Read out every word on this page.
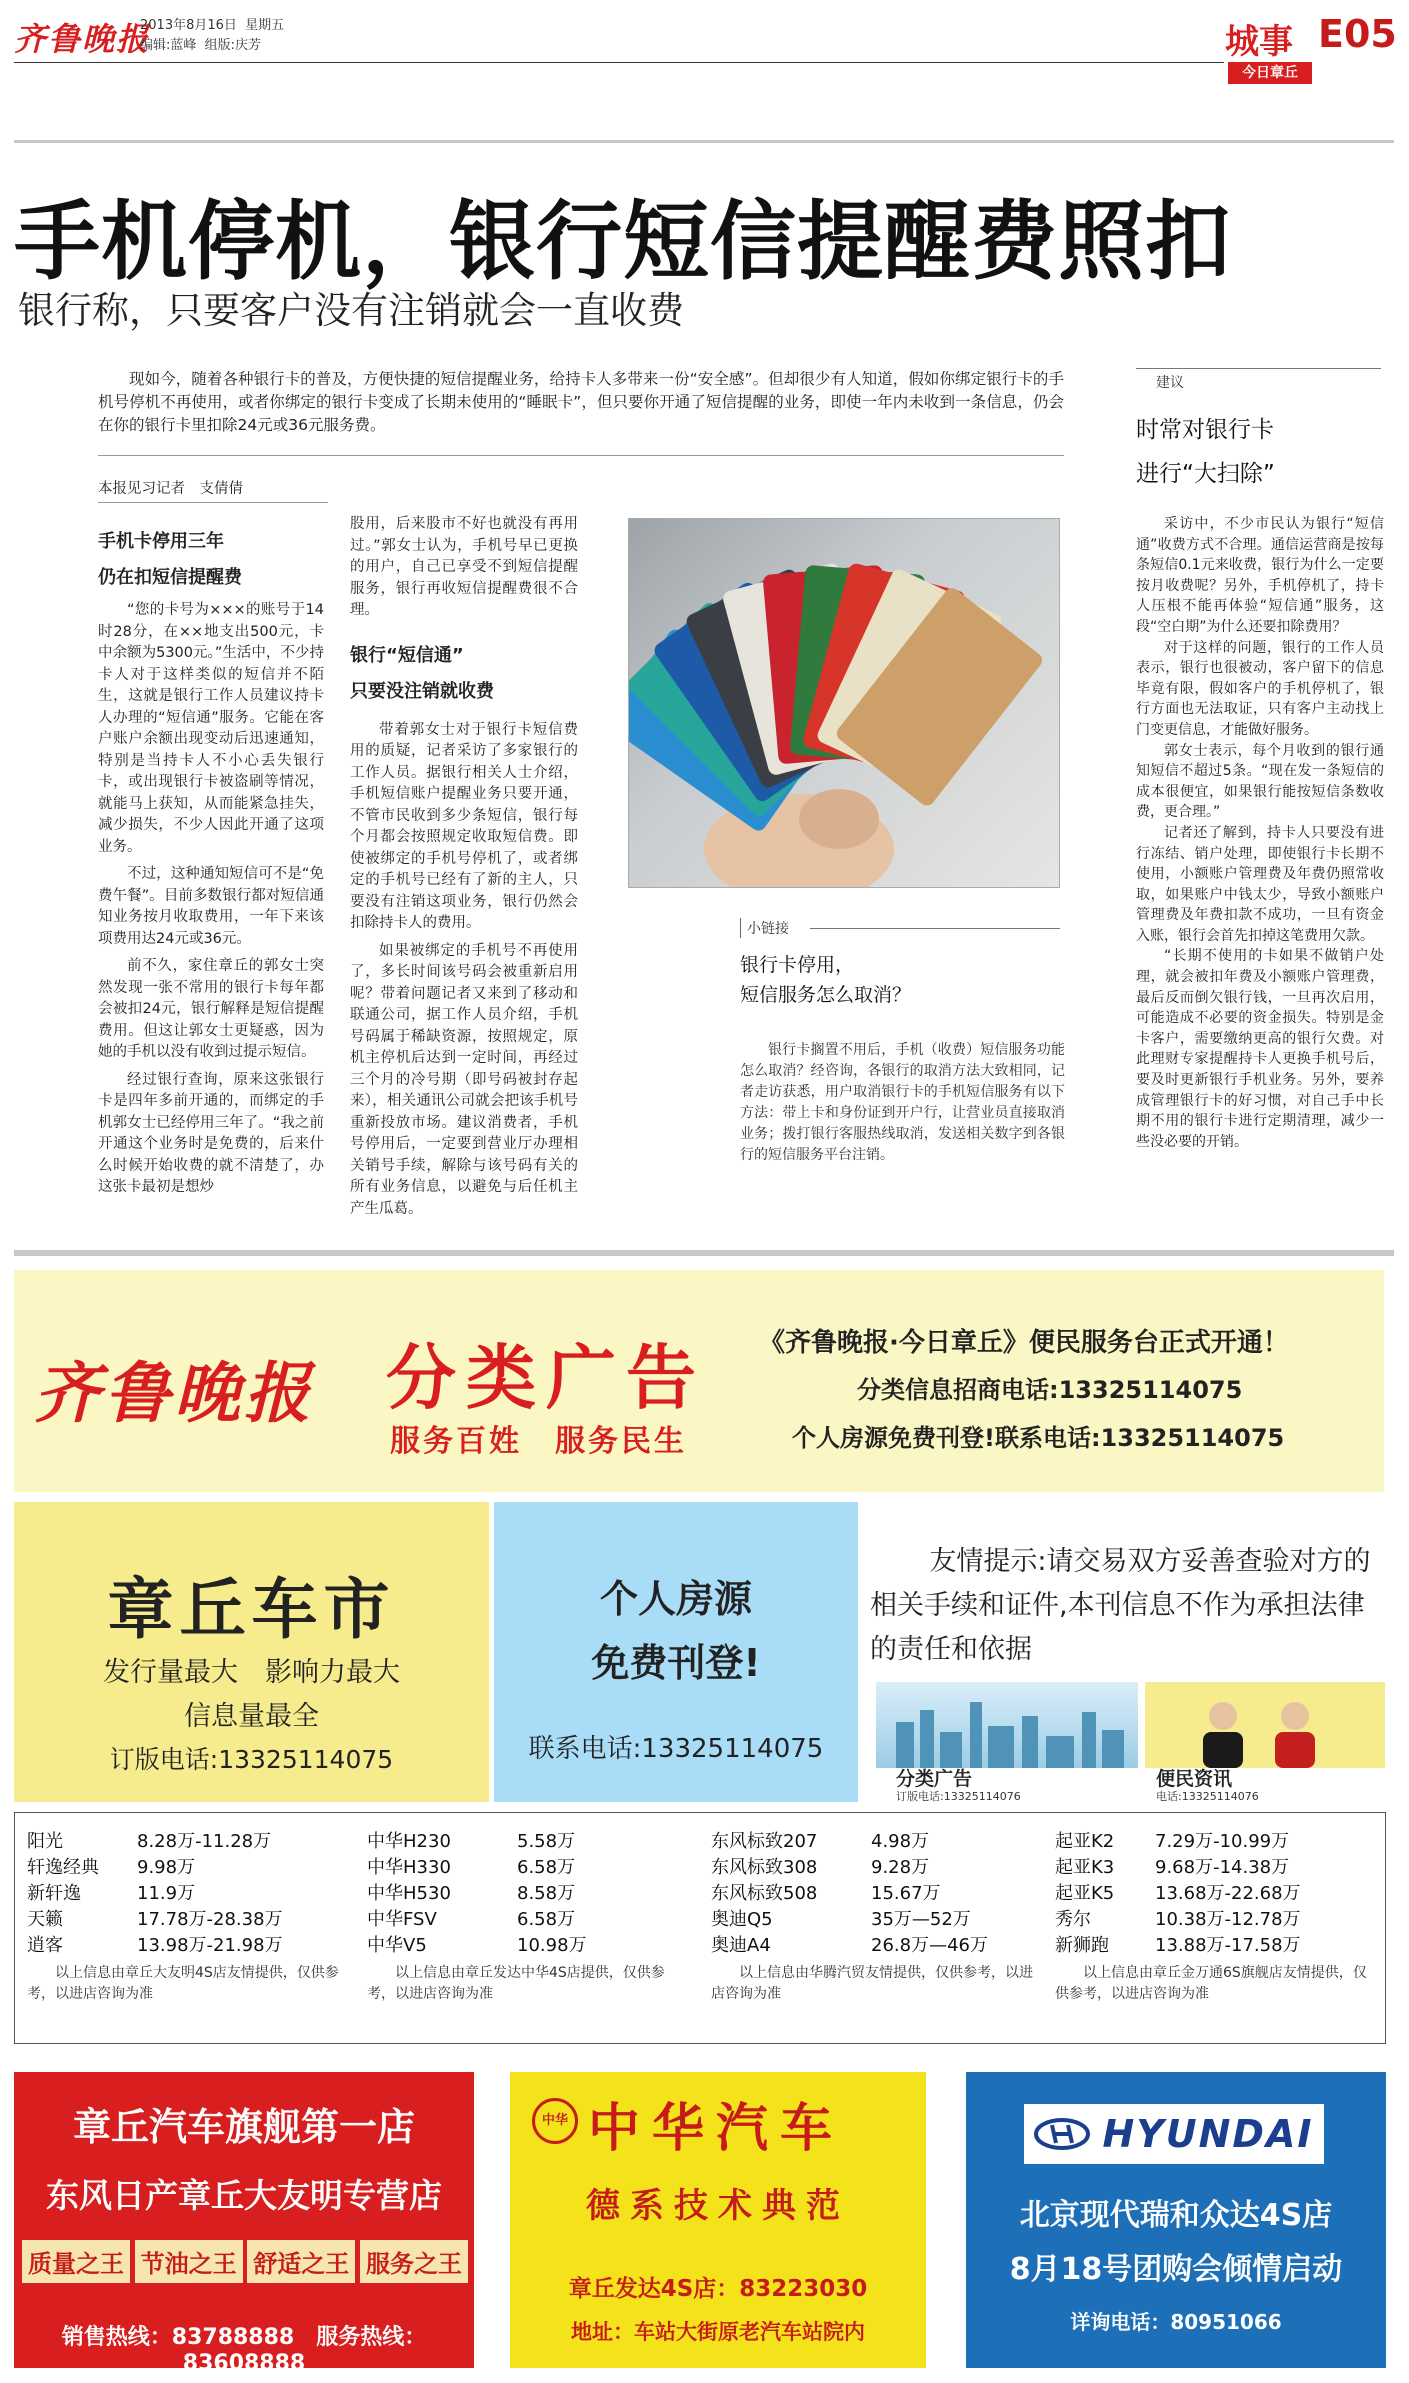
齐鲁晚报
2013年8月16日 星期五
编辑:蓝峰 组版:庆芳	城事 E05
今日章丘
手机停机，银行短信提醒费照扣
银行称，只要客户没有注销就会一直收费

现如今，随着各种银行卡的普及，方便快捷的短信提醒业务，给持卡人多带来一份“安全感”。但却很少有人知道，假如你绑定银行卡的手机号停机不再使用，或者你绑定的银行卡变成了长期未使用的“睡眠卡”，但只要你开通了短信提醒的业务，即使一年内未收到一条信息，仍会在你的银行卡里扣除24元或36元服务费。

本报见习记者　支倩倩
手机卡停用三年
仍在扣短信提醒费

“您的卡号为×××的账号于14时28分，在××地支出500元，卡中余额为5300元。”生活中，不少持卡人对于这样类似的短信并不陌生，这就是银行工作人员建议持卡人办理的“短信通”服务。它能在客户账户余额出现变动后迅速通知，特别是当持卡人不小心丢失银行卡，或出现银行卡被盗刷等情况，就能马上获知，从而能紧急挂失，减少损失，不少人因此开通了这项业务。

不过，这种通知短信可不是“免费午餐”。目前多数银行都对短信通知业务按月收取费用，一年下来该项费用达24元或36元。

前不久，家住章丘的郭女士突然发现一张不常用的银行卡每年都会被扣24元，银行解释是短信提醒费用。但这让郭女士更疑惑，因为她的手机以没有收到过提示短信。

经过银行查询，原来这张银行卡是四年多前开通的，而绑定的手机郭女士已经停用三年了。“我之前开通这个业务时是免费的，后来什么时候开始收费的就不清楚了，办这张卡最初是想炒

股用，后来股市不好也就没有再用过。”郭女士认为，手机号早已更换的用户，自己已享受不到短信提醒服务，银行再收短信提醒费很不合理。

银行“短信通”
只要没注销就收费

带着郭女士对于银行卡短信费用的质疑，记者采访了多家银行的工作人员。据银行相关人士介绍，手机短信账户提醒业务只要开通，不管市民收到多少条短信，银行每个月都会按照规定收取短信费。即使被绑定的手机号停机了，或者绑定的手机号已经有了新的主人，只要没有注销这项业务，银行仍然会扣除持卡人的费用。

如果被绑定的手机号不再使用了，多长时间该号码会被重新启用呢？带着问题记者又来到了移动和联通公司，据工作人员介绍，手机号码属于稀缺资源，按照规定，原机主停机后达到一定时间，再经过三个月的冷号期（即号码被封存起来），相关通讯公司就会把该手机号重新投放市场。建议消费者，手机号停用后，一定要到营业厅办理相关销号手续，解除与该号码有关的所有业务信息，以避免与后任机主产生瓜葛。

小链接
银行卡停用，
短信服务怎么取消？

银行卡搁置不用后，手机（收费）短信服务功能怎么取消？经咨询，各银行的取消方法大致相同，记者走访获悉，用户取消银行卡的手机短信服务有以下方法：带上卡和身份证到开户行，让营业员直接取消业务；拨打银行客服热线取消，发送相关数字到各银行的短信服务平台注销。

建议
时常对银行卡
进行“大扫除”

采访中，不少市民认为银行“短信通”收费方式不合理。通信运营商是按每条短信0.1元来收费，银行为什么一定要按月收费呢？另外，手机停机了，持卡人压根不能再体验“短信通”服务，这段“空白期”为什么还要扣除费用？

对于这样的问题，银行的工作人员表示，银行也很被动，客户留下的信息毕竟有限，假如客户的手机停机了，银行方面也无法取证，只有客户主动找上门变更信息，才能做好服务。

郭女士表示，每个月收到的银行通知短信不超过5条。“现在发一条短信的成本很便宜，如果银行能按短信条数收费，更合理。”

记者还了解到，持卡人只要没有进行冻结、销户处理，即使银行卡长期不使用，小额账户管理费及年费仍照常收取，如果账户中钱太少，导致小额账户管理费及年费扣款不成功，一旦有资金入账，银行会首先扣掉这笔费用欠款。

“长期不使用的卡如果不做销户处理，就会被扣年费及小额账户管理费，最后反而倒欠银行钱，一旦再次启用，可能造成不必要的资金损失。特别是金卡客户，需要缴纳更高的银行欠费。对此理财专家提醒持卡人更换手机号后，要及时更新银行手机业务。另外，要养成管理银行卡的好习惯，对自己手中长期不用的银行卡进行定期清理，减少一些没必要的开销。

齐鲁晚报 分类广告
服务百姓　服务民生
《齐鲁晚报·今日章丘》便民服务台正式开通！
分类信息招商电话:13325114075
个人房源免费刊登!联系电话:13325114075
章丘车市
发行量最大　影响力最大
信息量最全
订版电话:13325114075
个人房源
免费刊登!
联系电话:13325114075
友情提示:请交易双方妥善查验对方的相关手续和证件,本刊信息不作为承担法律的责任和依据
分类广告
订版电话:13325114076
便民资讯
电话:13325114076
阳光	8.28万-11.28万
轩逸经典	9.98万
新轩逸	11.9万
天籁	17.78万-28.38万
逍客	13.98万-21.98万
以上信息由章丘大友明4S店友情提供，仅供参考，以进店咨询为准
中华H230	5.58万
中华H330	6.58万
中华H530	8.58万
中华FSV	6.58万
中华V5	10.98万
以上信息由章丘发达中华4S店提供，仅供参考，以进店咨询为准
东风标致207	4.98万
东风标致308	9.28万
东风标致508	15.67万
奥迪Q5	35万—52万
奥迪A4	26.8万—46万
以上信息由华腾汽贸友情提供，仅供参考，以进店咨询为准
起亚K2	7.29万-10.99万
起亚K3	9.68万-14.38万
起亚K5	13.68万-22.68万
秀尔	10.38万-12.78万
新狮跑	13.88万-17.58万
以上信息由章丘金万通6S旗舰店友情提供，仅供参考，以进店咨询为准
章丘汽车旗舰第一店
东风日产章丘大友明专营店
质量之王 节油之王 舒适之王 服务之王
销售热线：83788888　服务热线：83608888
中华 中华汽车
德系技术典范
章丘发达4S店：83223030
地址：车站大街原老汽车站院内
HYUNDAI
北京现代瑞和众达4S店
8月18号团购会倾情启动
详询电话：80951066
